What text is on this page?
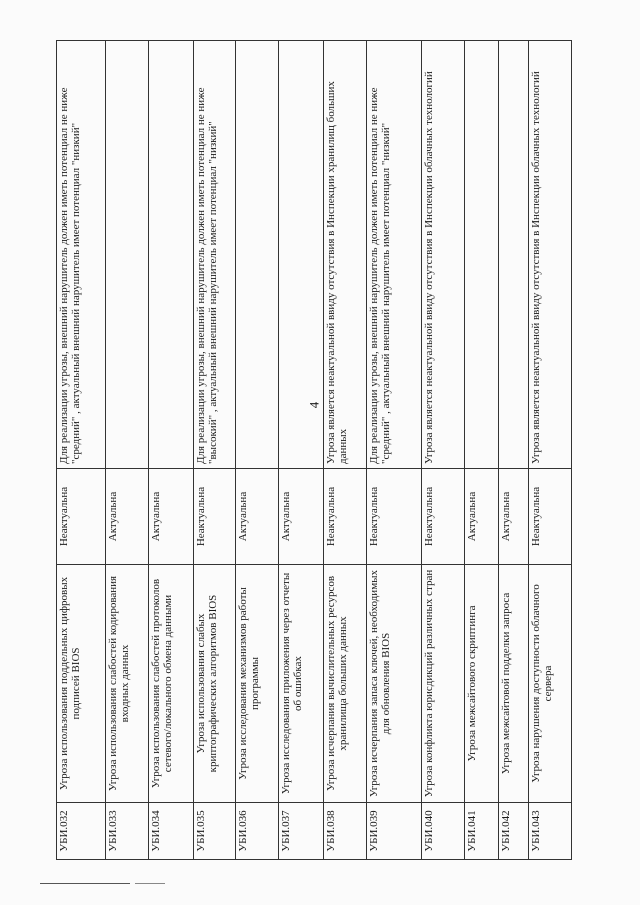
4
УБИ.032	Угроза использования поддельных цифровых подписей BIOS	Неактуальна	Для реализации угрозы, внешний нарушитель должен иметь потенциал не ниже "средний" , актуальный внешний нарушитель имеет потенциал "низкий"
УБИ.033	Угроза использования слабостей кодирования входных данных	Актуальна	
УБИ.034	Угроза использования слабостей протоколов сетевого/локального обмена данными	Актуальна	
УБИ.035	Угроза использования слабых криптографических алгоритмов BIOS	Неактуальна	Для реализации угрозы, внешний нарушитель должен иметь потенциал не ниже "высокий" , актуальный внешний нарушитель имеет потенциал "низкий"
УБИ.036	Угроза исследования механизмов работы программы	Актуальна	
УБИ.037	Угроза исследования приложения через отчеты об ошибках	Актуальна	
УБИ.038	Угроза исчерпания вычислительных ресурсов хранилища больших данных	Неактуальна	Угроза является неактуальной ввиду отсутствия в Инспекции хранилищ больших данных
УБИ.039	Угроза исчерпания запаса ключей, необходимых для обновления BIOS	Неактуальна	Для реализации угрозы, внешний нарушитель должен иметь потенциал не ниже "средний" , актуальный внешний нарушитель имеет потенциал "низкий"
УБИ.040	Угроза конфликта юрисдикций различных стран	Неактуальна	Угроза является неактуальной ввиду отсутствия в Инспекции облачных технологий
УБИ.041	Угроза межсайтового скриптинга	Актуальна	
УБИ.042	Угроза межсайтовой подделки запроса	Актуальна	
УБИ.043	Угроза нарушения доступности облачного сервера	Неактуальна	Угроза является неактуальной ввиду отсутствия в Инспекции облачных технологий
